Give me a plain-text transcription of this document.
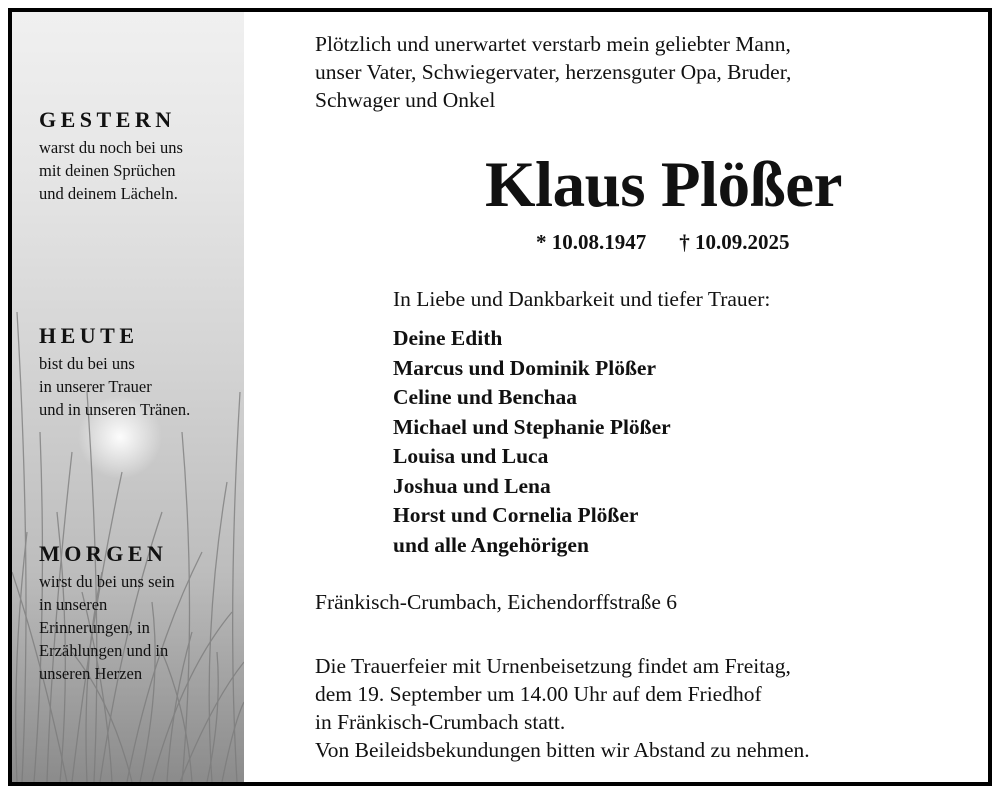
GESTERN

warst du noch bei uns
mit deinen Sprüchen
und deinem Lächeln.

HEUTE

bist du bei uns
in unserer Trauer
und in unseren Tränen.

MORGEN

wirst du bei uns sein
in unseren
Erinnerungen, in
Erzählungen und in
unseren Herzen

Plötzlich und unerwartet verstarb mein geliebter Mann,
unser Vater, Schwiegervater, herzensguter Opa, Bruder,
Schwager und Onkel
Klaus Plößer
* 10.08.1947 † 10.09.2025
In Liebe und Dankbarkeit und tiefer Trauer:
Deine Edith
Marcus und Dominik Plößer
Celine und Benchaa
Michael und Stephanie Plößer
Louisa und Luca
Joshua und Lena
Horst und Cornelia Plößer
und alle Angehörigen
Fränkisch-Crumbach, Eichendorffstraße 6
Die Trauerfeier mit Urnenbeisetzung findet am Freitag,
dem 19. September um 14.00 Uhr auf dem Friedhof
in Fränkisch-Crumbach statt.
Von Beileidsbekundungen bitten wir Abstand zu nehmen.
